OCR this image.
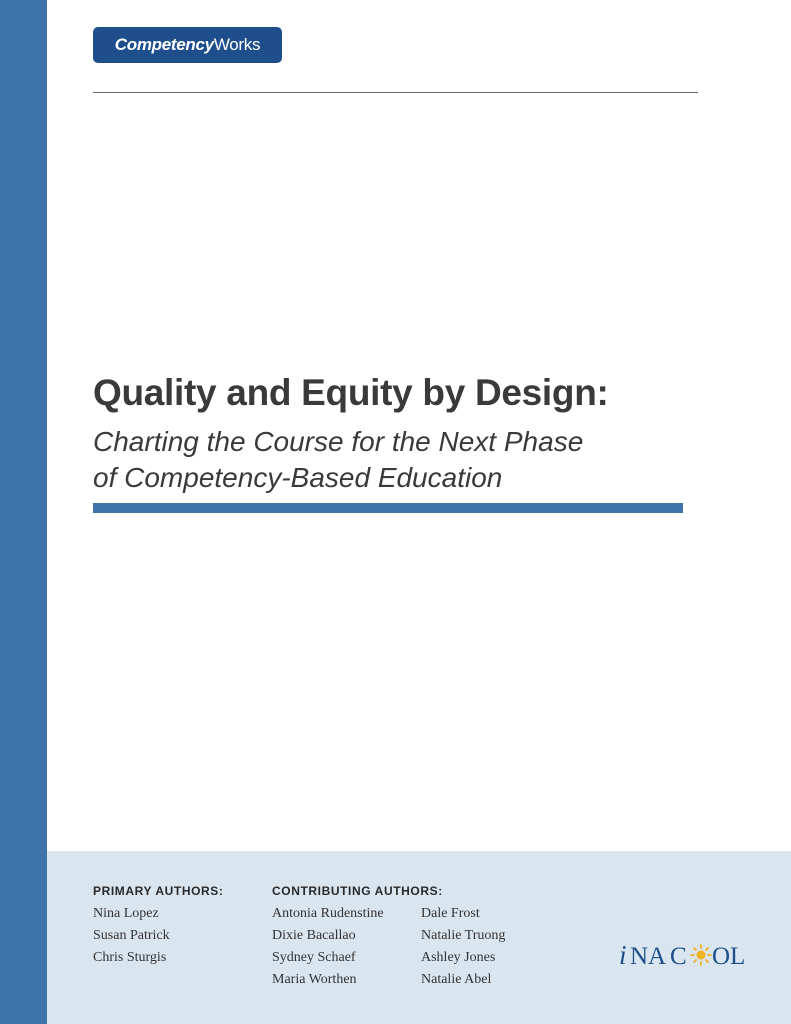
Competency Works
Quality and Equity by Design:
Charting the Course for the Next Phase
of Competency-Based Education
PRIMARY AUTHORS:
Nina Lopez
Susan Patrick
Chris Sturgis
CONTRIBUTING AUTHORS:
Antonia Rudenstine
Dixie Bacallao
Sydney Schaef
Maria Worthen
Dale Frost
Natalie Truong
Ashley Jones
Natalie Abel
i NA C OL
